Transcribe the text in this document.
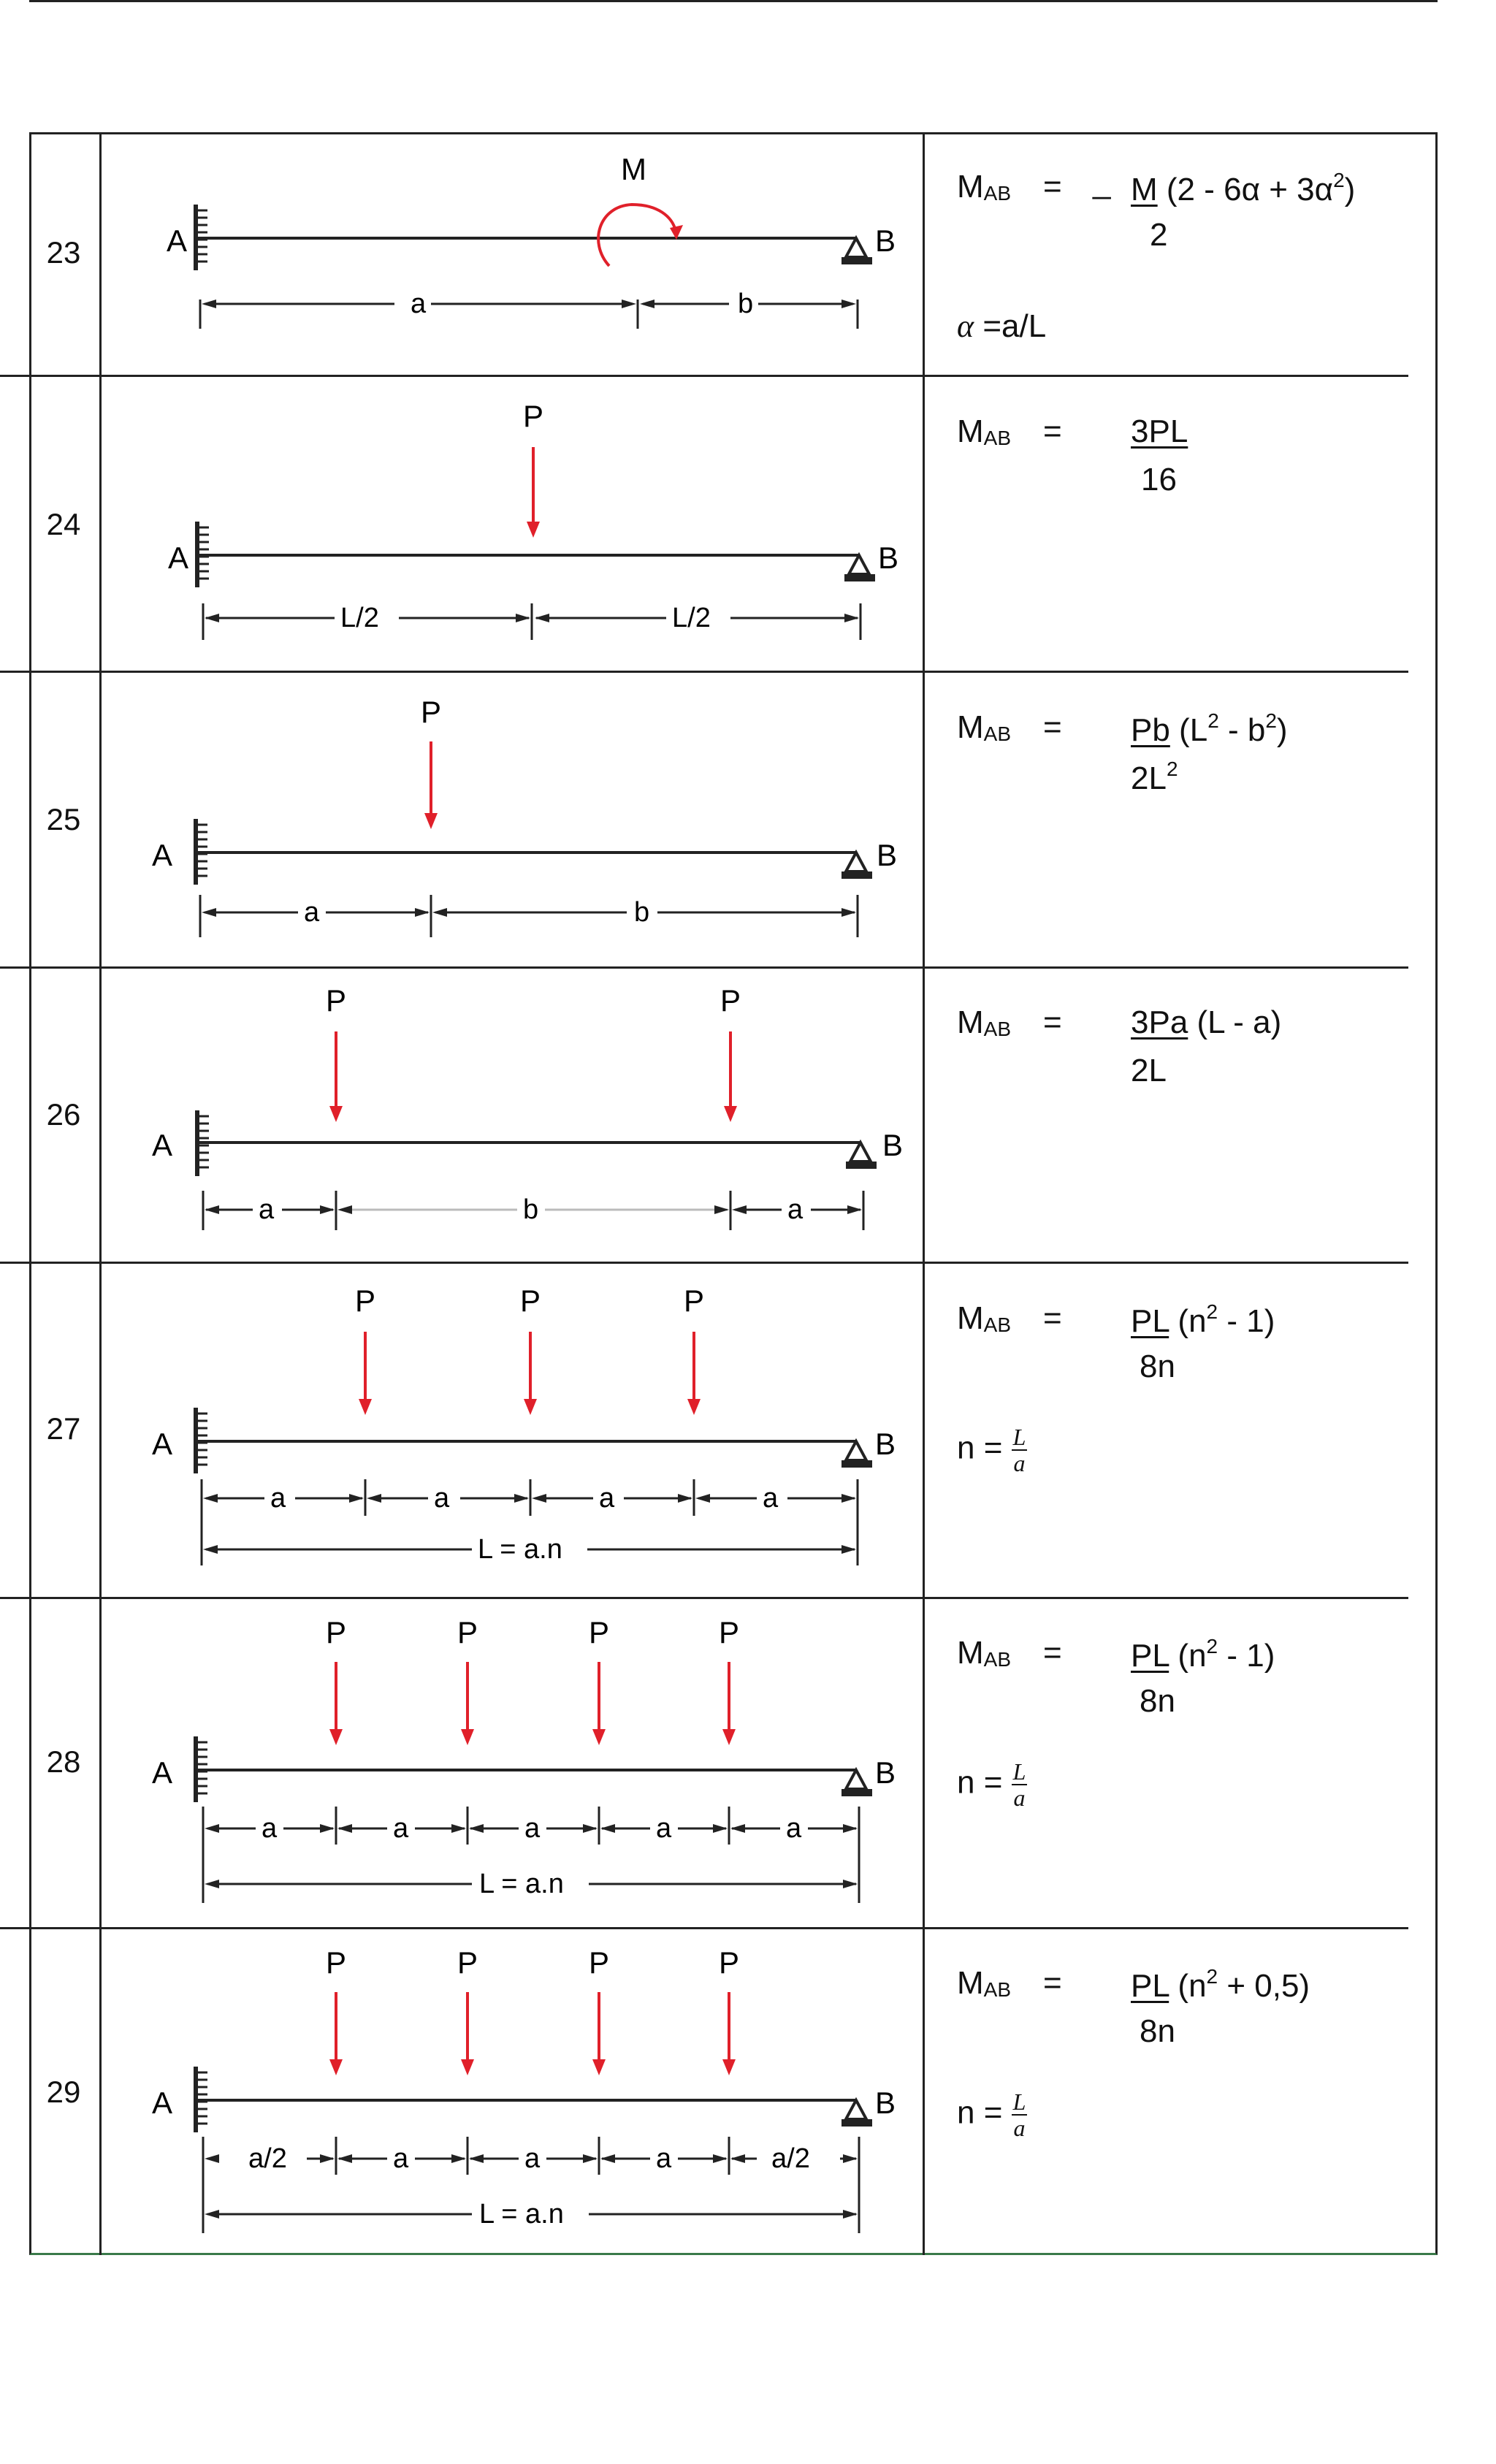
23	A	B
M
a	b
$M_{AB}$ = _ M $(2 - 6\alpha + 3\alpha^2)$
2
α =a/L
24
A	B
P
L/2	L/2
$M_{AB} = 3PL$
16
25
A	B
P
a	b
$M_{AB} = Pb$ $(L^2 - b^2)$
$2L^2$
26
A	B
P	P
a	b	a
$M_{AB} = 3Pa$ (L - a)
2L
27	A	B
P	P	P
a	a	a	a
L = a.n
$M_{AB}$ = PL $(n^2 - 1)$
8n
$n = \frac{L}{a}$
28	A	B
P	P	P	P
a	a	a	a	a
L = a.n
$M_{AB}$ = PL $(n^2 - 1)$
8n
$n = \frac{L}{a}$
29	A	B
P	P	P	P
a/2	a	a	a	a/2
L = a.n
$M_{AB}$ = PL $(n^2 + 0,5)$
8n
$n = \frac{L}{a}$
